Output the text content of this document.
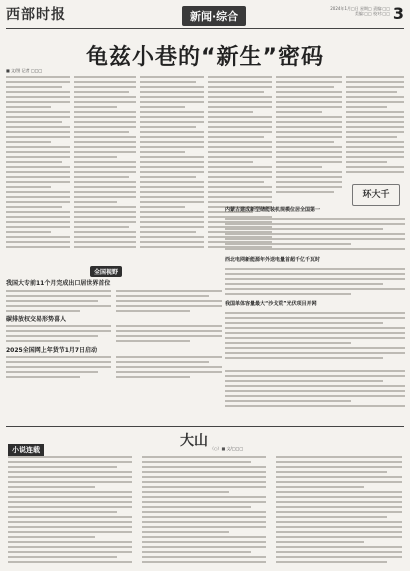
西部时报	新闻·综合
2024年1月□日 星期□ 责编:□□ 美编:□□ 校对:□□ 3
龟兹小巷的“新生”密码
■ 文/图 记者 □□□
环大千
内蒙古建成新型储能装机规模位居全国第一
西北电网新能源年外送电量首超千亿千瓦时
我国单体容量最大“沙戈荒”光伏项目并网
全国视野
我国大专前11个月完成出口居世界首位
碳排放权交易形势喜人
2025全国网上年货节1月7日启动
小说连载
大山 （○）■ 文/□□□
